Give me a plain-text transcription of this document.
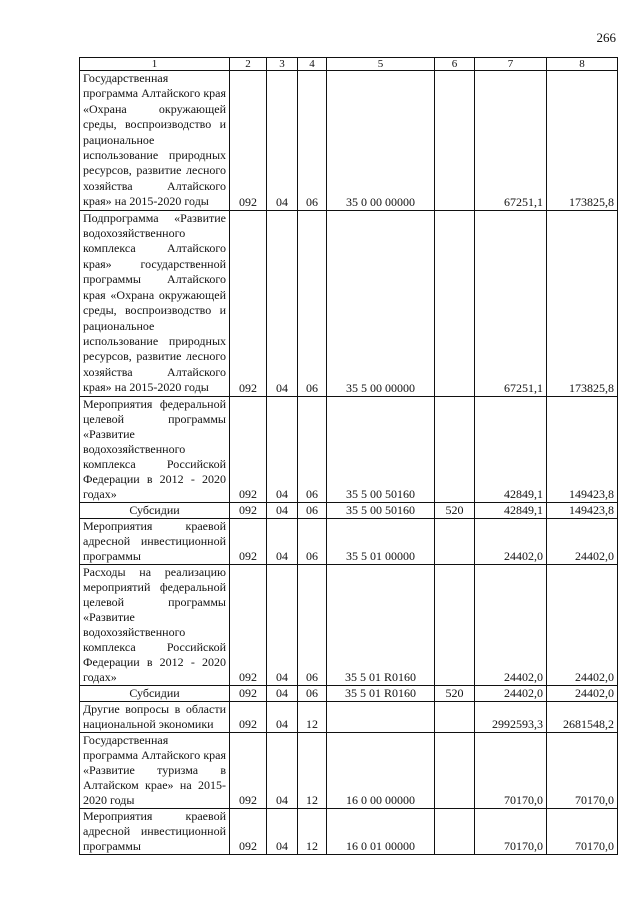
266
1	2	3	4	5	6	7	8
Государственная программа Алтайского края «Охрана окружающей среды, воспроизводство и рациональное использование природных ресурсов, развитие лесного хозяйства Алтайского края» на 2015-2020 годы	092	04	06	35 0 00 00000		67251,1	173825,8
Подпрограмма «Развитие водохозяйственного комплекса Алтайского края» государственной программы Алтайского края «Охрана окружающей среды, воспроизводство и рациональное использование природных ресурсов, развитие лесного хозяйства Алтайского края» на 2015-2020 годы	092	04	06	35 5 00 00000		67251,1	173825,8
Мероприятия федеральной целевой программы «Развитие водохозяйственного комплекса Российской Федерации в 2012 - 2020 годах»	092	04	06	35 5 00 50160		42849,1	149423,8
Субсидии	092	04	06	35 5 00 50160	520	42849,1	149423,8
Мероприятия краевой адресной инвестиционной программы	092	04	06	35 5 01 00000		24402,0	24402,0
Расходы на реализацию мероприятий федеральной целевой программы «Развитие водохозяйственного комплекса Российской Федерации в 2012 - 2020 годах»	092	04	06	35 5 01 R0160		24402,0	24402,0
Субсидии	092	04	06	35 5 01 R0160	520	24402,0	24402,0
Другие вопросы в области национальной экономики	092	04	12			2992593,3	2681548,2
Государственная программа Алтайского края «Развитие туризма в Алтайском крае» на 2015-2020 годы	092	04	12	16 0 00 00000		70170,0	70170,0
Мероприятия краевой адресной инвестиционной программы	092	04	12	16 0 01 00000		70170,0	70170,0
